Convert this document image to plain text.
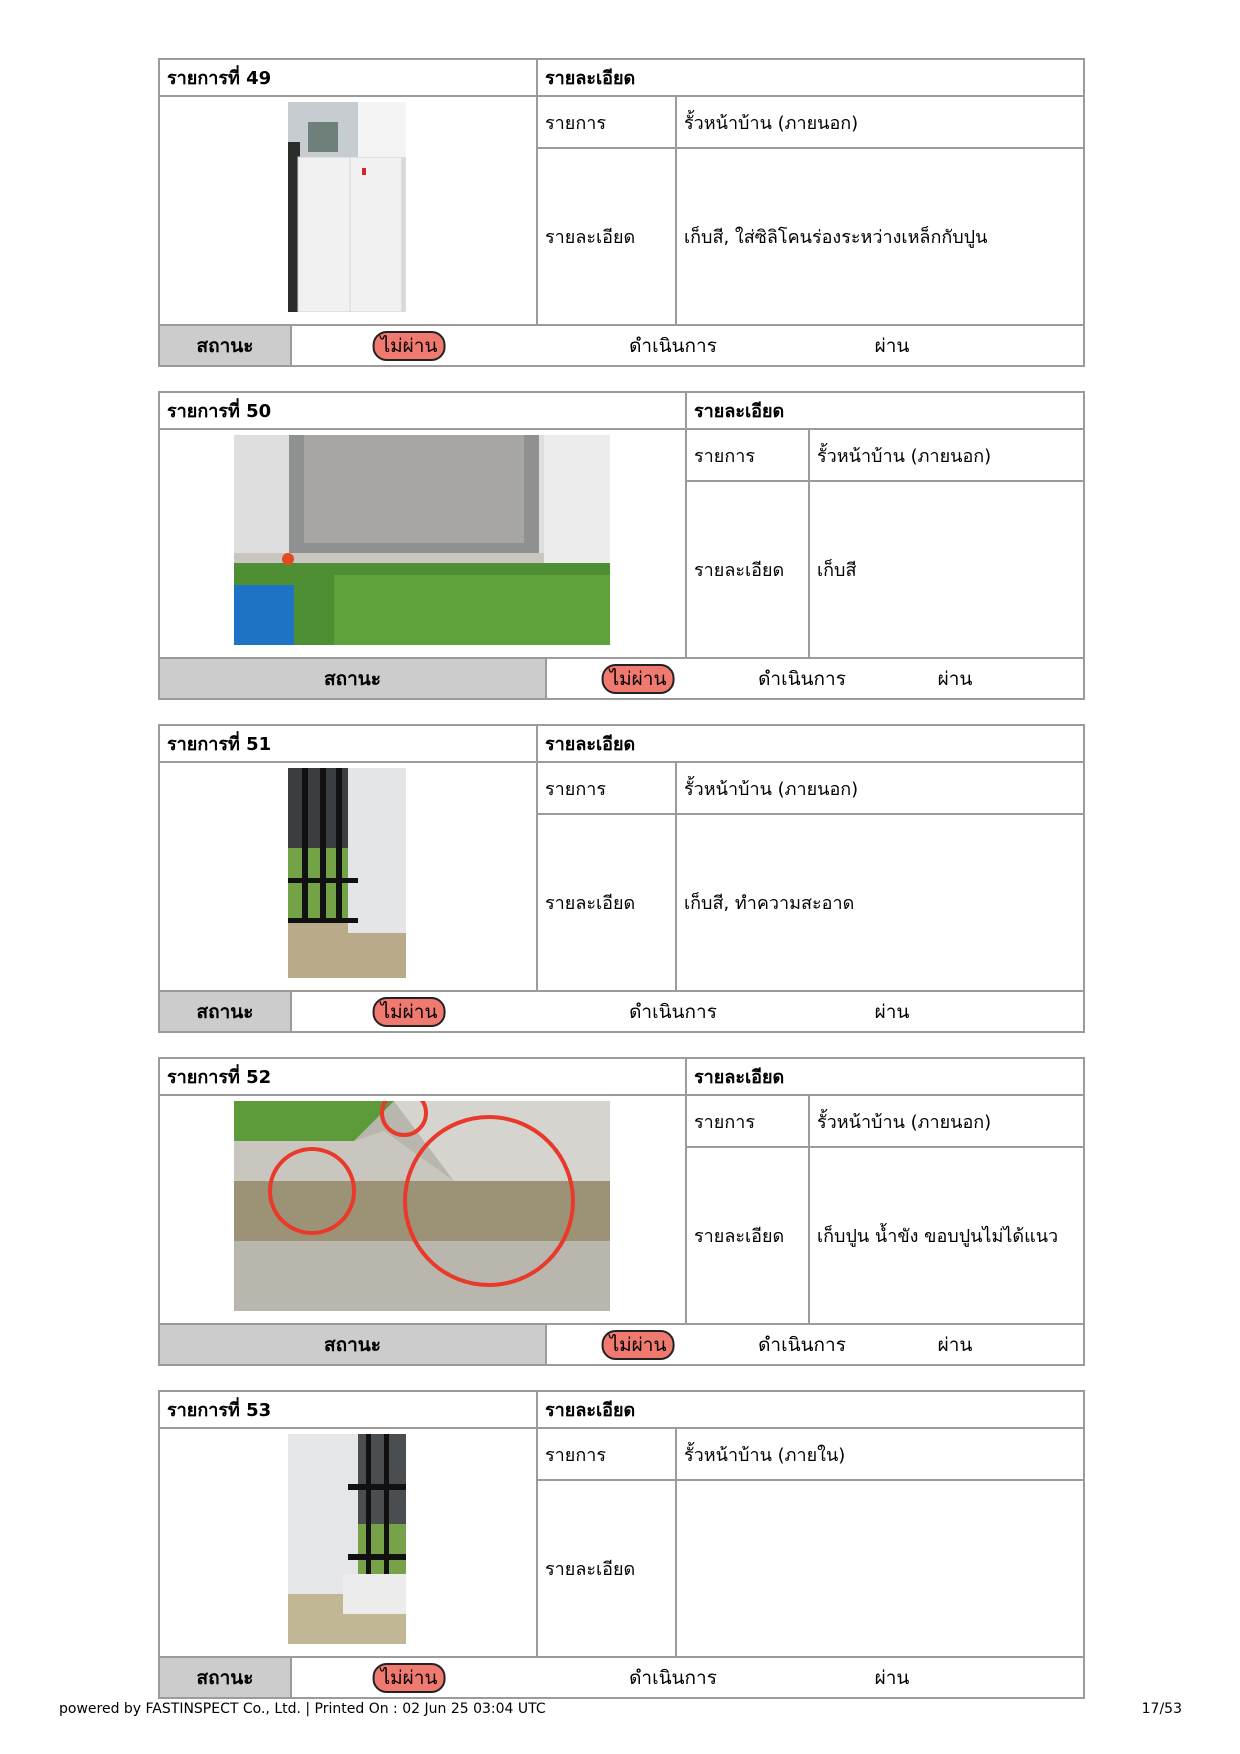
รายการที่ 49	รายละเอียด
รายการ	รั้วหน้าบ้าน (ภายนอก)
รายละเอียด	เก็บสี, ใส่ซิลิโคนร่องระหว่างเหล็กกับปูน
สถานะ	ไม่ผ่าน	ดำเนินการ	ผ่าน
รายการที่ 50	รายละเอียด
รายการ	รั้วหน้าบ้าน (ภายนอก)
รายละเอียด	เก็บสี
สถานะ	ไม่ผ่าน	ดำเนินการ	ผ่าน
รายการที่ 51	รายละเอียด
รายการ	รั้วหน้าบ้าน (ภายนอก)
รายละเอียด	เก็บสี, ทำความสะอาด
สถานะ	ไม่ผ่าน	ดำเนินการ	ผ่าน
รายการที่ 52	รายละเอียด
รายการ	รั้วหน้าบ้าน (ภายนอก)
รายละเอียด	เก็บปูน น้ำขัง ขอบปูนไม่ได้แนว
สถานะ	ไม่ผ่าน	ดำเนินการ	ผ่าน
รายการที่ 53	รายละเอียด
รายการ	รั้วหน้าบ้าน (ภายใน)
รายละเอียด
สถานะ	ไม่ผ่าน	ดำเนินการ	ผ่าน
powered by FASTINSPECT Co., Ltd. | Printed On : 02 Jun 25 03:04 UTC	17/53
